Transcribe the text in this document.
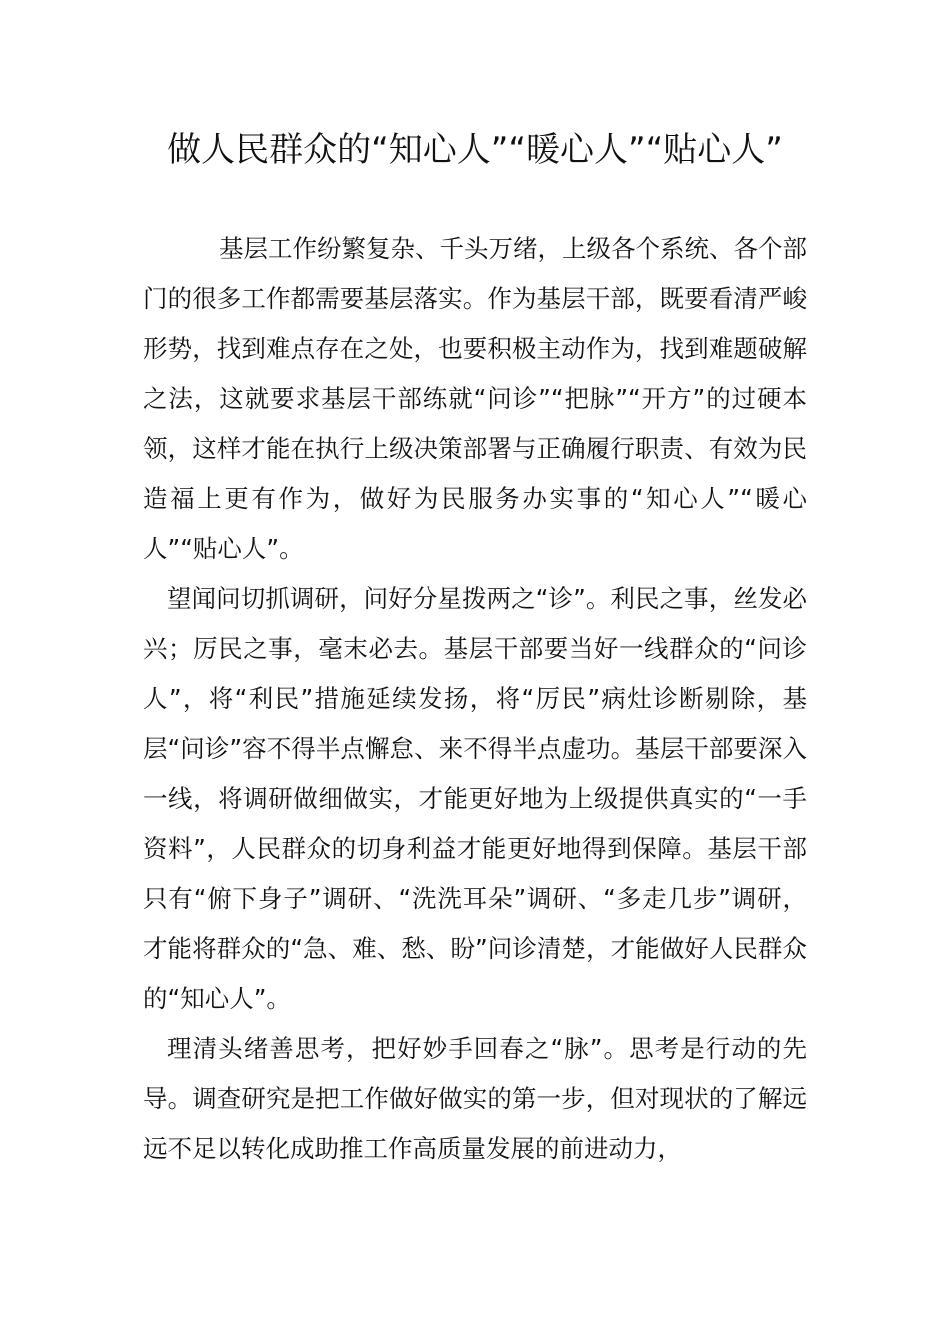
做人民群众的“知心人”“暖心人”“贴心人”

基层工作纷繁复杂、千头万绪，上级各个系统、各个部门的很多工作都需要基层落实。作为基层干部，既要看清严峻形势，找到难点存在之处，也要积极主动作为，找到难题破解之法，这就要求基层干部练就“问诊”“把脉”“开方”的过硬本领，这样才能在执行上级决策部署与正确履行职责、有效为民造福上更有作为，做好为民服务办实事的“知心人”“暖心人”“贴心人”。

望闻问切抓调研，问好分星拨两之“诊”。利民之事，丝发必兴；厉民之事，毫末必去。基层干部要当好一线群众的“问诊人”，将“利民”措施延续发扬，将“厉民”病灶诊断剔除，基层“问诊”容不得半点懈怠、来不得半点虚功。基层干部要深入一线，将调研做细做实，才能更好地为上级提供真实的“一手资料”，人民群众的切身利益才能更好地得到保障。基层干部只有“俯下身子”调研、“洗洗耳朵”调研、“多走几步”调研，才能将群众的“急、难、愁、盼”问诊清楚，才能做好人民群众的“知心人”。

理清头绪善思考，把好妙手回春之“脉”。思考是行动的先导。调查研究是把工作做好做实的第一步，但对现状的了解远远不足以转化成助推工作高质量发展的前进动力，
